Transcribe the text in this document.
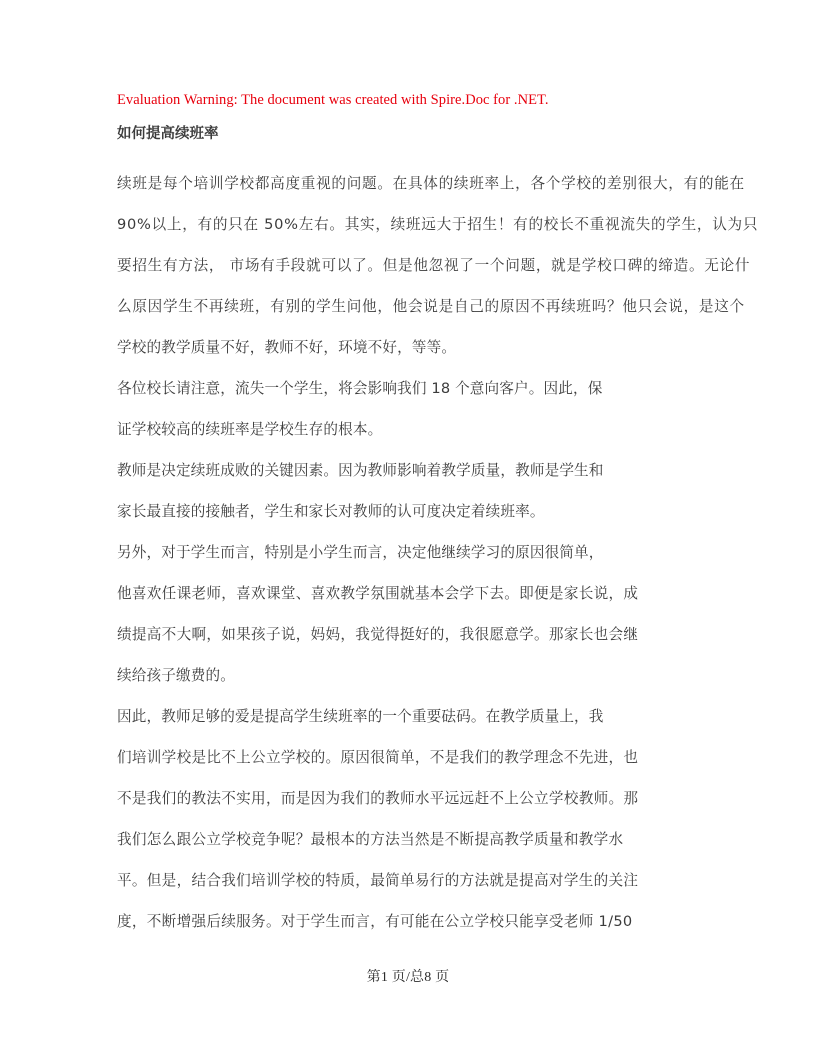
Evaluation Warning: The document was created with Spire.Doc for .NET.

如何提高续班率
续班是每个培训学校都高度重视的问题。在具体的续班率上，各个学校的差别很大，有的能在
90%以上，有的只在 50%左右。其实，续班远大于招生！有的校长不重视流失的学生，认为只
要招生有方法， 市场有手段就可以了。但是他忽视了一个问题，就是学校口碑的缔造。无论什
么原因学生不再续班，有别的学生问他，他会说是自己的原因不再续班吗？他只会说，是这个
学校的教学质量不好，教师不好，环境不好，等等。
各位校长请注意，流失一个学生，将会影响我们 18 个意向客户。因此，保
证学校较高的续班率是学校生存的根本。
教师是决定续班成败的关键因素。因为教师影响着教学质量，教师是学生和
家长最直接的接触者，学生和家长对教师的认可度决定着续班率。
另外，对于学生而言，特别是小学生而言，决定他继续学习的原因很简单，
他喜欢任课老师，喜欢课堂、喜欢教学氛围就基本会学下去。即便是家长说，成
绩提高不大啊，如果孩子说，妈妈，我觉得挺好的，我很愿意学。那家长也会继
续给孩子缴费的。
因此，教师足够的爱是提高学生续班率的一个重要砝码。在教学质量上，我
们培训学校是比不上公立学校的。原因很简单，不是我们的教学理念不先进，也
不是我们的教法不实用，而是因为我们的教师水平远远赶不上公立学校教师。那
我们怎么跟公立学校竞争呢？最根本的方法当然是不断提高教学质量和教学水
平。但是，结合我们培训学校的特质，最简单易行的方法就是提高对学生的关注
度，不断增强后续服务。对于学生而言，有可能在公立学校只能享受老师 1/50
第1 页/总8 页
